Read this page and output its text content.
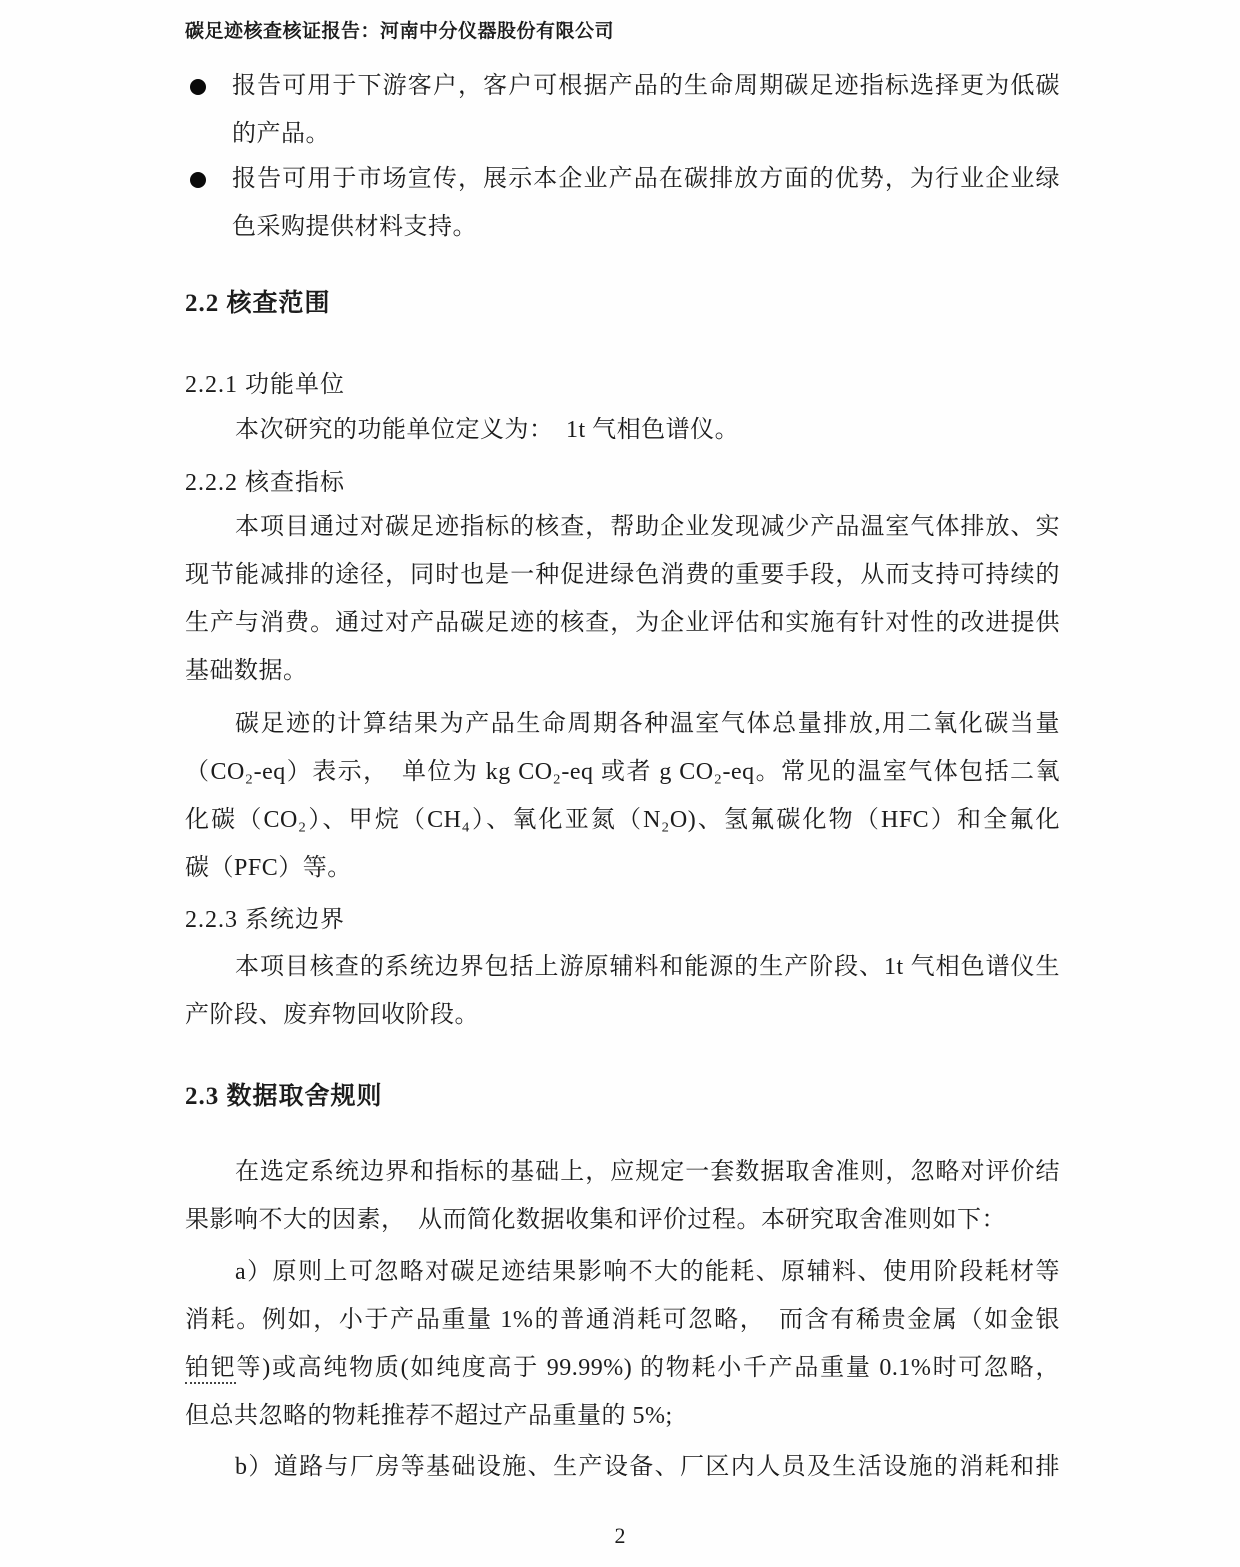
碳足迹核查核证报告：河南中分仪器股份有限公司
报告可用于下游客户，客户可根据产品的生命周期碳足迹指标选择更为低碳
的产品。
报告可用于市场宣传，展示本企业产品在碳排放方面的优势，为行业企业绿
色采购提供材料支持。
2.2 核查范围
2.2.1 功能单位
本次研究的功能单位定义为：　1t 气相色谱仪。
2.2.2 核查指标
本项目通过对碳足迹指标的核查，帮助企业发现减少产品温室气体排放、实
现节能减排的途径，同时也是一种促进绿色消费的重要手段，从而支持可持续的
生产与消费。通过对产品碳足迹的核查，为企业评估和实施有针对性的改进提供
基础数据。
碳足迹的计算结果为产品生命周期各种温室气体总量排放,用二氧化碳当量
（CO₂-eq）表示，　单位为 kg CO₂-eq 或者 g CO₂-eq。常见的温室气体包括二氧
化碳（CO₂）、甲烷（CH₄）、氧化亚氮（N₂O)、氢氟碳化物（HFC）和全氟化
碳（PFC）等。
2.2.3 系统边界
本项目核查的系统边界包括上游原辅料和能源的生产阶段、1t 气相色谱仪生
产阶段、废弃物回收阶段。
2.3 数据取舍规则
在选定系统边界和指标的基础上，应规定一套数据取舍准则，忽略对评价结
果影响不大的因素，　从而简化数据收集和评价过程。本研究取舍准则如下：
a）原则上可忽略对碳足迹结果影响不大的能耗、原辅料、使用阶段耗材等
消耗。例如，小于产品重量 1%的普通消耗可忽略，　而含有稀贵金属（如金银
铂钯等)或高纯物质(如纯度高于 99.99%) 的物耗小千产品重量 0.1%时可忽略，
但总共忽略的物耗推荐不超过产品重量的 5%;
b）道路与厂房等基础设施、生产设备、厂区内人员及生活设施的消耗和排
2
